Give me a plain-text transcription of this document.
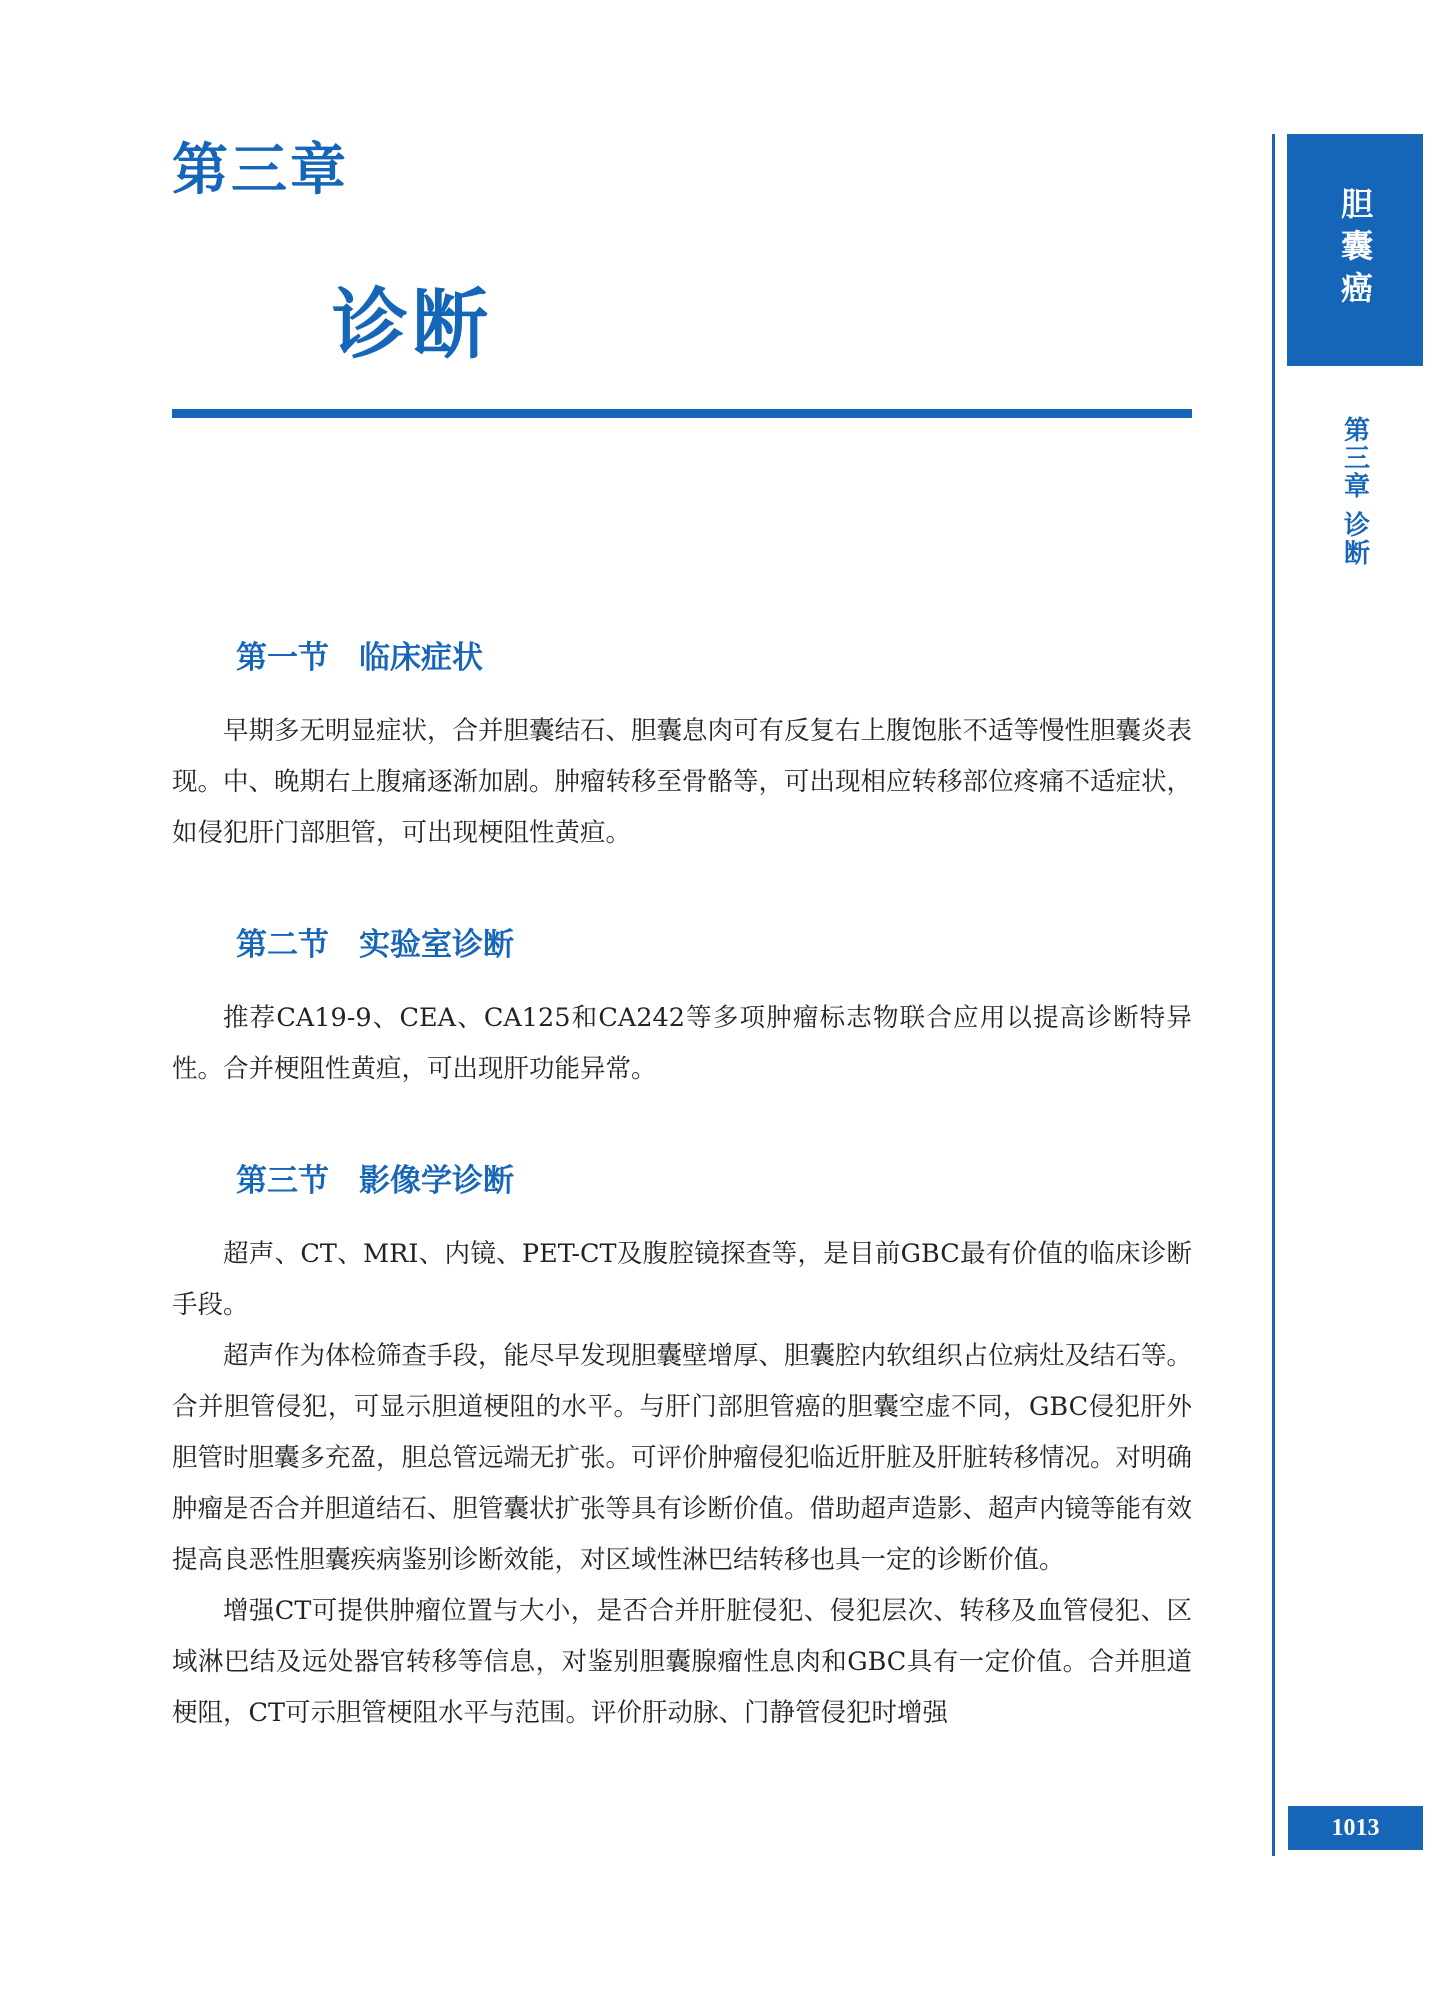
第三章
诊断
胆囊癌
第三章 诊断
1013
第一节 临床症状

早期多无明显症状，合并胆囊结石、胆囊息肉可有反复右上腹饱胀不适等慢性胆囊炎表现。中、晚期右上腹痛逐渐加剧。肿瘤转移至骨骼等，可出现相应转移部位疼痛不适症状，如侵犯肝门部胆管，可出现梗阻性黄疸。

第二节 实验室诊断

推荐CA19-9、CEA、CA125和CA242等多项肿瘤标志物联合应用以提高诊断特异性。合并梗阻性黄疸，可出现肝功能异常。

第三节 影像学诊断

超声、CT、MRI、内镜、PET-CT及腹腔镜探查等，是目前GBC最有价值的临床诊断手段。

超声作为体检筛查手段，能尽早发现胆囊壁增厚、胆囊腔内软组织占位病灶及结石等。合并胆管侵犯，可显示胆道梗阻的水平。与肝门部胆管癌的胆囊空虚不同，GBC侵犯肝外胆管时胆囊多充盈，胆总管远端无扩张。可评价肿瘤侵犯临近肝脏及肝脏转移情况。对明确肿瘤是否合并胆道结石、胆管囊状扩张等具有诊断价值。借助超声造影、超声内镜等能有效提高良恶性胆囊疾病鉴别诊断效能，对区域性淋巴结转移也具一定的诊断价值。

增强CT可提供肿瘤位置与大小，是否合并肝脏侵犯、侵犯层次、转移及血管侵犯、区域淋巴结及远处器官转移等信息，对鉴别胆囊腺瘤性息肉和GBC具有一定价值。合并胆道梗阻，CT可示胆管梗阻水平与范围。评价肝动脉、门静管侵犯时增强
